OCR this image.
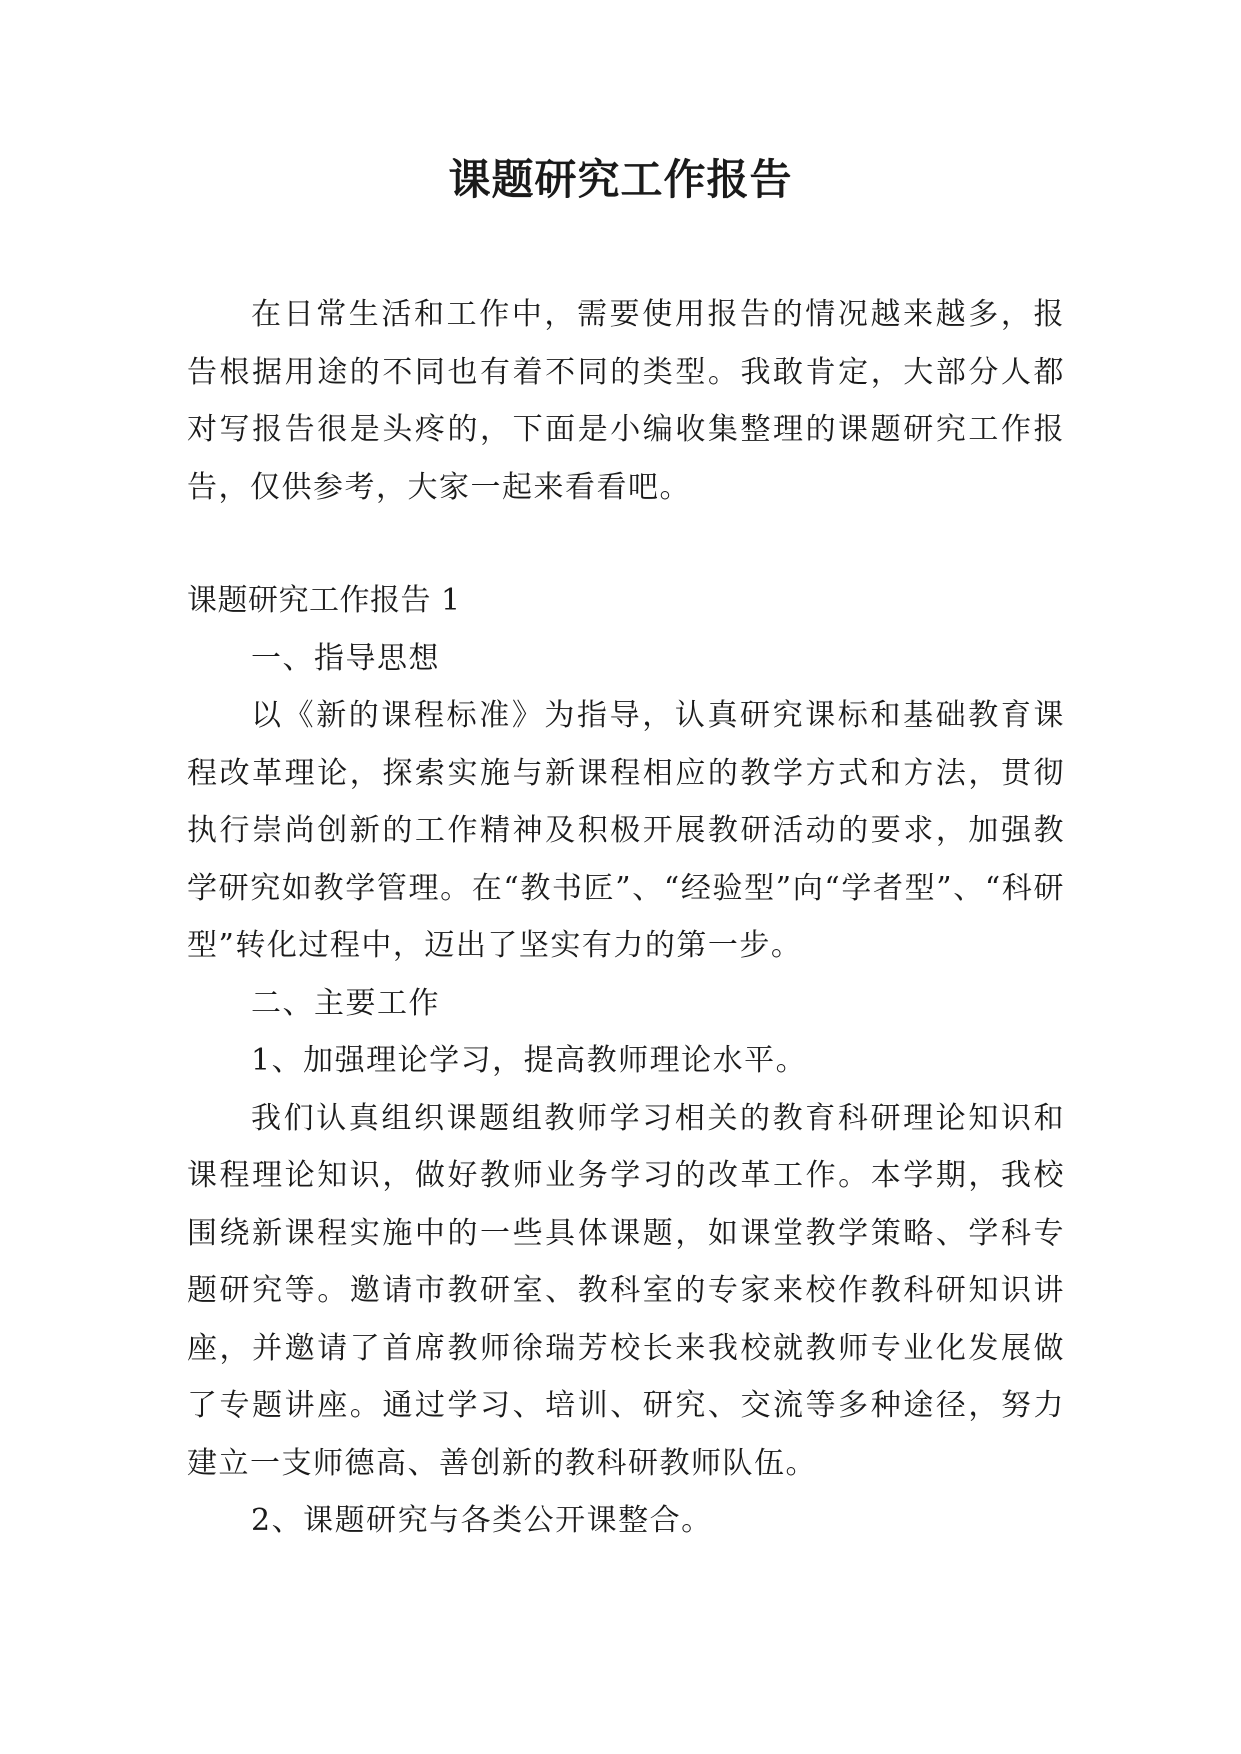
课题研究工作报告

在日常生活和工作中，需要使用报告的情况越来越多，报告根据用途的不同也有着不同的类型。我敢肯定，大部分人都对写报告很是头疼的，下面是小编收集整理的课题研究工作报告，仅供参考，大家一起来看看吧。

课题研究工作报告 1

一、指导思想

以《新的课程标准》为指导，认真研究课标和基础教育课程改革理论，探索实施与新课程相应的教学方式和方法，贯彻执行崇尚创新的工作精神及积极开展教研活动的要求，加强教学研究如教学管理。在“教书匠”、“经验型”向“学者型”、“科研型”转化过程中，迈出了坚实有力的第一步。

二、主要工作

1、加强理论学习，提高教师理论水平。

我们认真组织课题组教师学习相关的教育科研理论知识和课程理论知识，做好教师业务学习的改革工作。本学期，我校围绕新课程实施中的一些具体课题，如课堂教学策略、学科专题研究等。邀请市教研室、教科室的专家来校作教科研知识讲座，并邀请了首席教师徐瑞芳校长来我校就教师专业化发展做了专题讲座。通过学习、培训、研究、交流等多种途径，努力建立一支师德高、善创新的教科研教师队伍。

2、课题研究与各类公开课整合。
